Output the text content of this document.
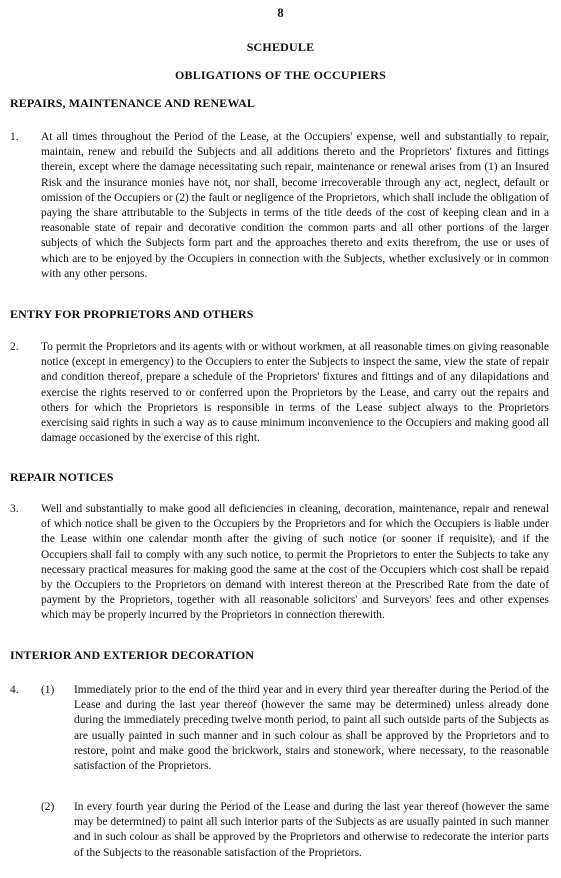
8
SCHEDULE
OBLIGATIONS OF THE OCCUPIERS
REPAIRS, MAINTENANCE AND RENEWAL
1. At all times throughout the Period of the Lease, at the Occupiers' expense, well and substantially to repair, maintain, renew and rebuild the Subjects and all additions thereto and the Proprietors' fixtures and fittings therein, except where the damage necessitating such repair, maintenance or renewal arises from (1) an Insured Risk and the insurance monies have not, nor shall, become irrecoverable through any act, neglect, default or omission of the Occupiers or (2) the fault or negligence of the Proprietors, which shall include the obligation of paying the share attributable to the Subjects in terms of the title deeds of the cost of keeping clean and in a reasonable state of repair and decorative condition the common parts and all other portions of the larger subjects of which the Subjects form part and the approaches thereto and exits therefrom, the use or uses of which are to be enjoyed by the Occupiers in connection with the Subjects, whether exclusively or in common with any other persons.
ENTRY FOR PROPRIETORS AND OTHERS
2. To permit the Proprietors and its agents with or without workmen, at all reasonable times on giving reasonable notice (except in emergency) to the Occupiers to enter the Subjects to inspect the same, view the state of repair and condition thereof, prepare a schedule of the Proprietors' fixtures and fittings and of any dilapidations and exercise the rights reserved to or conferred upon the Proprietors by the Lease, and carry out the repairs and others for which the Proprietors is responsible in terms of the Lease subject always to the Proprietors exercising said rights in such a way as to cause minimum inconvenience to the Occupiers and making good all damage occasioned by the exercise of this right.
REPAIR NOTICES
3. Well and substantially to make good all deficiencies in cleaning, decoration, maintenance, repair and renewal of which notice shall be given to the Occupiers by the Proprietors and for which the Occupiers is liable under the Lease within one calendar month after the giving of such notice (or sooner if requisite), and if the Occupiers shall fail to comply with any such notice, to permit the Proprietors to enter the Subjects to take any necessary practical measures for making good the same at the cost of the Occupiers which cost shall be repaid by the Occupiers to the Proprietors on demand with interest thereon at the Prescribed Rate from the date of payment by the Proprietors, together with all reasonable solicitors' and Surveyors' fees and other expenses which may be properly incurred by the Proprietors in connection therewith.
INTERIOR AND EXTERIOR DECORATION
4. (1) Immediately prior to the end of the third year and in every third year thereafter during the Period of the Lease and during the last year thereof (however the same may be determined) unless already done during the immediately preceding twelve month period, to paint all such outside parts of the Subjects as are usually painted in such manner and in such colour as shall be approved by the Proprietors and to restore, point and make good the brickwork, stairs and stonework, where necessary, to the reasonable satisfaction of the Proprietors.
(2) In every fourth year during the Period of the Lease and during the last year thereof (however the same may be determined) to paint all such interior parts of the Subjects as are usually painted in such manner and in such colour as shall be approved by the Proprietors and otherwise to redecorate the interior parts of the Subjects to the reasonable satisfaction of the Proprietors.
